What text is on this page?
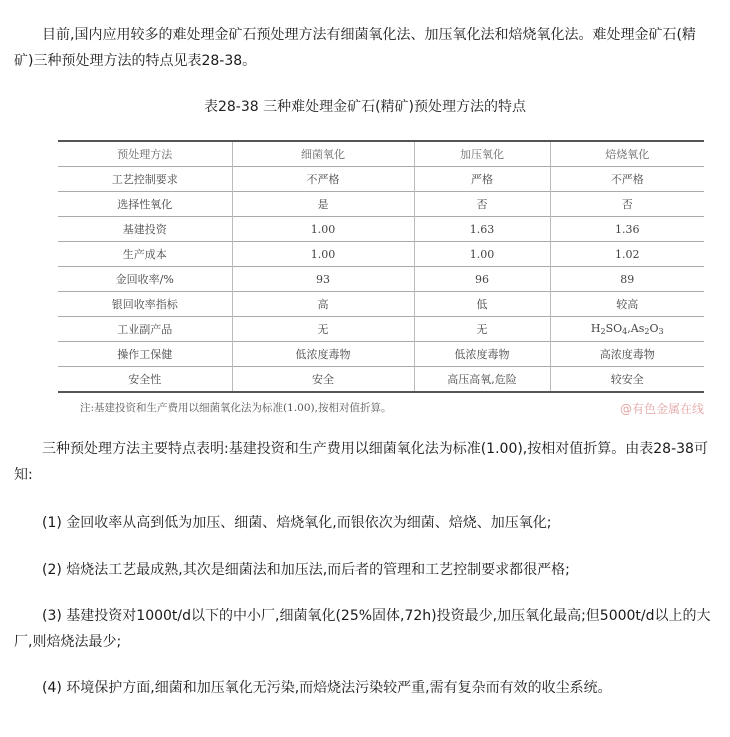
目前,国内应用较多的难处理金矿石预处理方法有细菌氧化法、加压氧化法和焙烧氧化法。难处理金矿石(精矿)三种预处理方法的特点见表28-38。

表28-38 三种难处理金矿石(精矿)预处理方法的特点
预处理方法	细菌氧化	加压氧化	焙烧氧化
工艺控制要求	不严格	严格	不严格
选择性氧化	是	否	否
基建投资	1.00	1.63	1.36
生产成本	1.00	1.00	1.02
金回收率/%	93	96	89
银回收率指标	高	低	较高
工业副产品	无	无	$H_2SO_4,As_2O_3$
操作工保健	低浓度毒物	低浓度毒物	高浓度毒物
安全性	安全	高压高氧,危险	较安全
注:基建投资和生产费用以细菌氧化法为标准(1.00),按相对值折算。	@有色金属在线

三种预处理方法主要特点表明:基建投资和生产费用以细菌氧化法为标准(1.00),按相对值折算。由表28-38可知:

(1) 金回收率从高到低为加压、细菌、焙烧氧化,而银依次为细菌、焙烧、加压氧化;

(2) 焙烧法工艺最成熟,其次是细菌法和加压法,而后者的管理和工艺控制要求都很严格;

(3) 基建投资对1000t/d以下的中小厂,细菌氧化(25%固体,72h)投资最少,加压氧化最高;但5000t/d以上的大厂,则焙烧法最少;

(4) 环境保护方面,细菌和加压氧化无污染,而焙烧法污染较严重,需有复杂而有效的收尘系统。
